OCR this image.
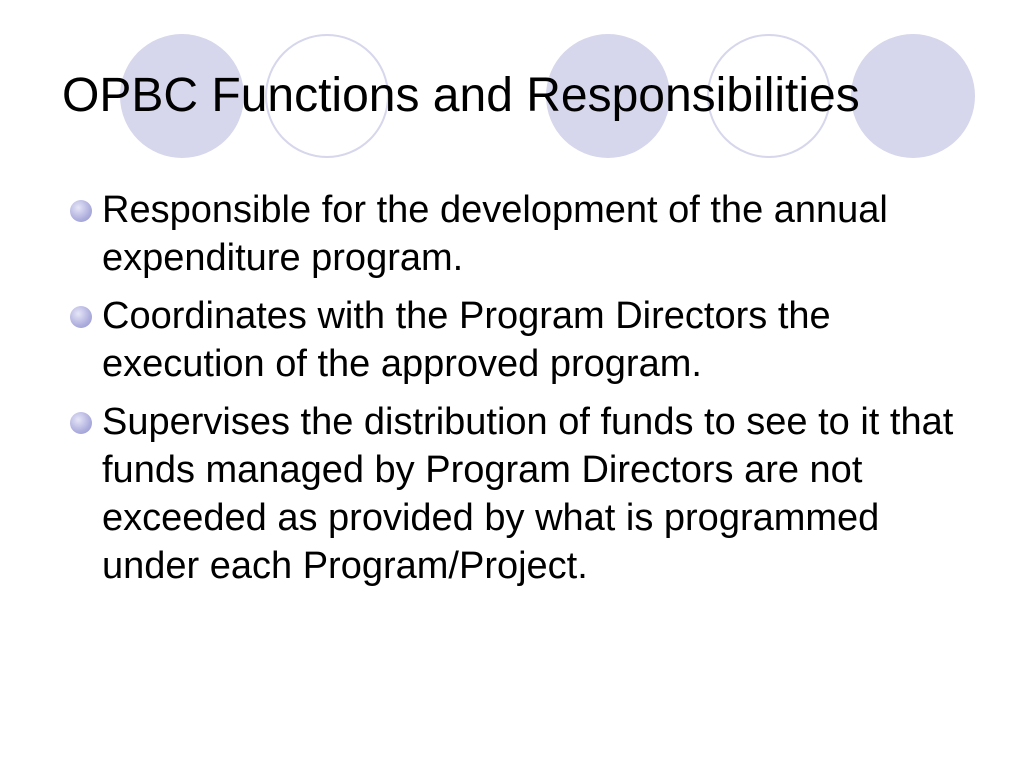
OPBC Functions and Responsibilities
Responsible for the development of the annual expenditure program.
Coordinates with the Program Directors the execution of the approved program.
Supervises the distribution of funds to see to it that funds managed by Program Directors are not exceeded as provided by what is programmed under each Program/Project.
